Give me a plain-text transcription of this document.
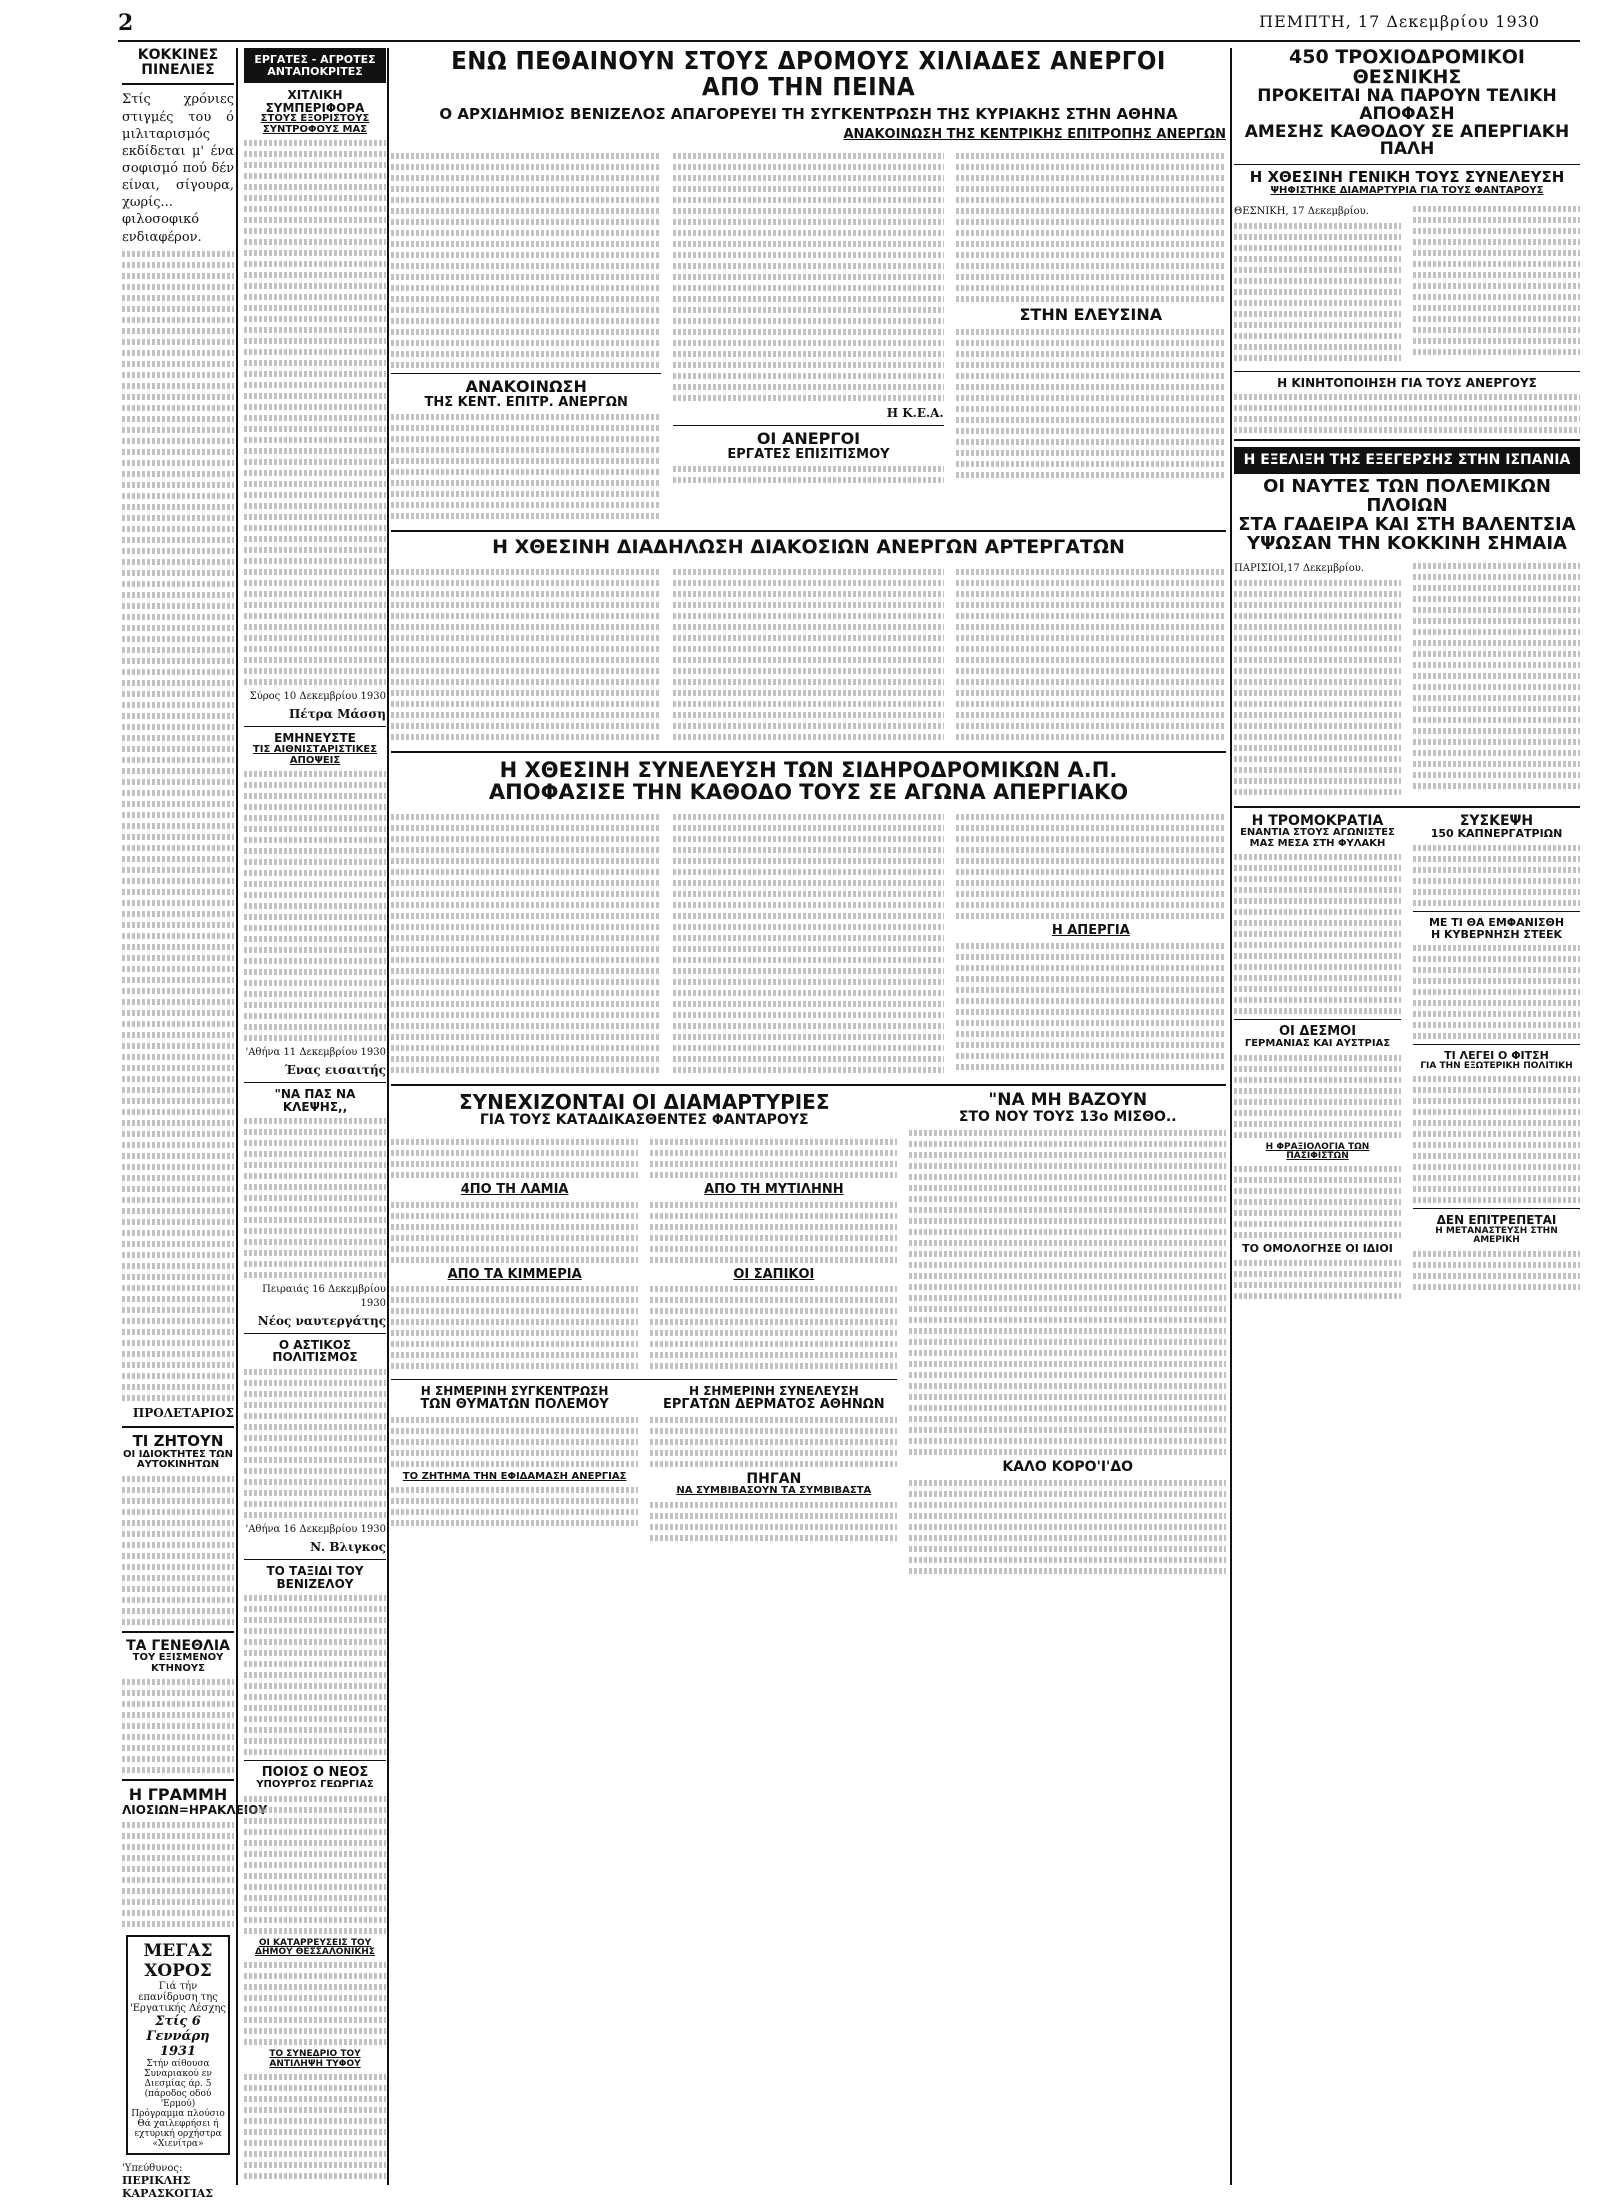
2	ΠΕΜΠΤΗ, 17 Δεκεμβρίου 1930
ΚΟΚΚΙΝΕΣ ΠΙΝΕΛΙΕΣ

Στίς χρόνιες στιγμές του ό μιλιταρισμός εκδίδεται μ' ένα σοφισμό πού δέν είναι, σίγουρα, χωρίς... φιλοσοφικό ενδιαφέρον.

ΠΡΟΛΕΤΑΡΙΟΣ
ΤΙ ΖΗΤΟΥΝ
ΟΙ ΙΔΙΟΚΤΗΤΕΣ ΤΩΝ ΑΥΤΟΚΙΝΗΤΩΝ
ΤΑ ΓΕΝΕΘΛΙΑ
ΤΟΥ ΕΞΙΣΜΕΝΟΥ ΚΤΗΝΟΥΣ
Η ΓΡΑΜΜΗ
ΛΙΟΣΙΩΝ=ΗΡΑΚΛΕΙΟΥ
ΜΕΓΑΣ ΧΟΡΟΣ
Γιά τήν επανίδρυση της 'Εργατικής Λέσχης
Στίς 6 Γεννάρη 1931
Στήν αίθουσα Συναριακού εν Διεσμίας άρ. 5 (πάροδος οδού 'Ερμού)
Πρόγραμμα πλούσιο Θά χαιλεφρήσει ή εχτυρική ορχήστρα «Χιενίτρα»
'Υπεύθυνος:
ΠΕΡΙΚΛΗΣ ΚΑΡΑΣΚΟΓΙΑΣ
ΕΡΓΑΤΕΣ - ΑΓΡΟΤΕΣ ΑΝΤΑΠΟΚΡΙΤΕΣ
ΧΙΤΛΙΚΗ ΣΥΜΠΕΡΙΦΟΡΑ
ΣΤΟΥΣ ΕΞΟΡΙΣΤΟΥΣ ΣΥΝΤΡΟΦΟΥΣ ΜΑΣ

Σύρος 10 Δεκεμβρίου 1930

Πέτρα Μάσση
ΕΜΗΝΕΥΣΤΕ
ΤΙΣ ΑΙΘΝΙΣΤΑΡΙΣΤΙΚΕΣ ΑΠΟΨΕΙΣ

'Αθήνα 11 Δεκεμβρίου 1930

Ένας εισαιτής
"ΝΑ ΠΑΣ ΝΑ ΚΛΕΨΗΣ,,

Πειραιάς 16 Δεκεμβρίου 1930

Νέος ναυτεργάτης
Ο ΑΣΤΙΚΟΣ ΠΟΛΙΤΙΣΜΟΣ

'Αθήνα 16 Δεκεμβρίου 1930

Ν. Βλιγκος
ΤΟ ΤΑΞΙΔΙ ΤΟΥ ΒΕΝΙΖΕΛΟΥ
ΠΟΙΟΣ Ο ΝΕΟΣ
ΥΠΟΥΡΓΟΣ ΓΕΩΡΓΙΑΣ
ΟΙ ΚΑΤΑΡΡΕΥΣΕΙΣ ΤΟΥ ΔΗΜΟΥ ΘΕΣΣΑΛΟΝΙΚΗΣ
ΤΟ ΣΥΝΕΔΡΙΟ ΤΟΥ ΑΝΤΙΛΗΨΗ ΤΥΦΟΥ
ΕΝΩ ΠΕΘΑΙΝΟΥΝ ΣΤΟΥΣ ΔΡΟΜΟΥΣ ΧΙΛΙΑΔΕΣ ΑΝΕΡΓΟΙ ΑΠΟ ΤΗΝ ΠΕΙΝΑ
Ο ΑΡΧΙΔΗΜΙΟΣ ΒΕΝΙΖΕΛΟΣ ΑΠΑΓΟΡΕΥΕΙ ΤΗ ΣΥΓΚΕΝΤΡΩΣΗ ΤΗΣ ΚΥΡΙΑΚΗΣ ΣΤΗΝ ΑΘΗΝΑ
ΑΝΑΚΟΙΝΩΣΗ ΤΗΣ ΚΕΝΤΡΙΚΗΣ ΕΠΙΤΡΟΠΗΣ ΑΝΕΡΓΩΝ
ΑΝΑΚΟΙΝΩΣΗ
ΤΗΣ ΚΕΝΤ. ΕΠΙΤΡ. ΑΝΕΡΓΩΝ
Η Κ.Ε.Α.
ΟΙ ΑΝΕΡΓΟΙ
ΕΡΓΑΤΕΣ ΕΠΙΣΙΤΙΣΜΟΥ
ΣΤΗΝ ΕΛΕΥΣΙΝΑ
Η ΧΘΕΣΙΝΗ ΔΙΑΔΗΛΩΣΗ ΔΙΑΚΟΣΙΩΝ ΑΝΕΡΓΩΝ ΑΡΤΕΡΓΑΤΩΝ
Η ΧΘΕΣΙΝΗ ΣΥΝΕΛΕΥΣΗ ΤΩΝ ΣΙΔΗΡΟΔΡΟΜΙΚΩΝ Α.Π.
ΑΠΟΦΑΣΙΣΕ ΤΗΝ ΚΑΘΟΔΟ ΤΟΥΣ ΣΕ ΑΓΩΝΑ ΑΠΕΡΓΙΑΚΟ
Η ΑΠΕΡΓΙΑ
ΣΥΝΕΧΙΖΟΝΤΑΙ ΟΙ ΔΙΑΜΑΡΤΥΡΙΕΣ
ΓΙΑ ΤΟΥΣ ΚΑΤΑΔΙΚΑΣΘΕΝΤΕΣ ΦΑΝΤΑΡΟΥΣ
4ΠΟ ΤΗ ΛΑΜΙΑ
ΑΠΟ ΤΑ ΚΙΜΜΕΡΙΑ
ΑΠΟ ΤΗ ΜΥΤΙΛΗΝΗ
ΟΙ ΣΑΠΙΚΟΙ
Η ΣΗΜΕΡΙΝΗ ΣΥΓΚΕΝΤΡΩΣΗ
ΤΩΝ ΘΥΜΑΤΩΝ ΠΟΛΕΜΟΥ
ΤΟ ΖΗΤΗΜΑ ΤΗΝ ΕΦΙΔΑΜΑΣΗ ΑΝΕΡΓΙΑΣ
Η ΣΗΜΕΡΙΝΗ ΣΥΝΕΛΕΥΣΗ
ΕΡΓΑΤΩΝ ΔΕΡΜΑΤΟΣ ΑΘΗΝΩΝ
ΠΗΓΑΝ
ΝΑ ΣΥΜΒΙΒΑΣΟΥΝ ΤΑ ΣΥΜΒΙΒΑΣΤΑ
"ΝΑ ΜΗ ΒΑΖΟΥΝ
ΣΤΟ ΝΟΥ ΤΟΥΣ 13ο ΜΙΣΘΟ..
ΚΑΛΟ ΚΟΡΟ'Ι'ΔΟ
450 ΤΡΟΧΙΟΔΡΟΜΙΚΟΙ ΘΕΣΝΙΚΗΣ
ΠΡΟΚΕΙΤΑΙ ΝΑ ΠΑΡΟΥΝ ΤΕΛΙΚΗ ΑΠΟΦΑΣΗ
ΑΜΕΣΗΣ ΚΑΘΟΔΟΥ ΣΕ ΑΠΕΡΓΙΑΚΗ ΠΑΛΗ
Η ΧΘΕΣΙΝΗ ΓΕΝΙΚΗ ΤΟΥΣ ΣΥΝΕΛΕΥΣΗ
ΨΗΦΙΣΤΗΚΕ ΔΙΑΜΑΡΤΥΡΙΑ ΓΙΑ ΤΟΥΣ ΦΑΝΤΑΡΟΥΣ

ΘΕΣΝΙΚΗ, 17 Δεκεμβρίου.

Η ΚΙΝΗΤΟΠΟΙΗΣΗ ΓΙΑ ΤΟΥΣ ΑΝΕΡΓΟΥΣ
Η ΕΞΕΛΙΞΗ ΤΗΣ ΕΞΕΓΕΡΣΗΣ ΣΤΗΝ ΙΣΠΑΝΙΑ
ΟΙ ΝΑΥΤΕΣ ΤΩΝ ΠΟΛΕΜΙΚΩΝ ΠΛΟΙΩΝ
ΣΤΑ ΓΑΔΕΙΡΑ ΚΑΙ ΣΤΗ ΒΑΛΕΝΤΣΙΑ
ΥΨΩΣΑΝ ΤΗΝ ΚΟΚΚΙΝΗ ΣΗΜΑΙΑ

ΠΑΡΙΣΙΟΙ,17 Δεκεμβρίου.

Η ΤΡΟΜΟΚΡΑΤΙΑ
ΕΝΑΝΤΙΑ ΣΤΟΥΣ ΑΓΩΝΙΣΤΕΣ ΜΑΣ ΜΕΣΑ ΣΤΗ ΦΥΛΑΚΗ
ΟΙ ΔΕΣΜΟΙ
ΓΕΡΜΑΝΙΑΣ ΚΑΙ ΑΥΣΤΡΙΑΣ
Η ΦΡΑΞΙΟΛΟΓΙΑ ΤΩΝ ΠΑΣΙΦΙΣΤΩΝ
ΤΟ ΟΜΟΛΟΓΗΣΕ ΟΙ ΙΔΙΟΙ
ΣΥΣΚΕΨΗ
150 ΚΑΠΝΕΡΓΑΤΡΙΩΝ
ΜΕ ΤΙ ΘΑ ΕΜΦΑΝΙΣΘΗ
Η ΚΥΒΕΡΝΗΣΗ ΣΤΕΕΚ
ΤΙ ΛΕΓΕΙ Ο ΦΙΤΣΗ
ΓΙΑ ΤΗΝ ΕΞΩΤΕΡΙΚΗ ΠΟΛΙΤΙΚΗ
ΔΕΝ ΕΠΙΤΡΕΠΕΤΑΙ
Η ΜΕΤΑΝΑΣΤΕΥΣΗ ΣΤΗΝ ΑΜΕΡΙΚΗ
